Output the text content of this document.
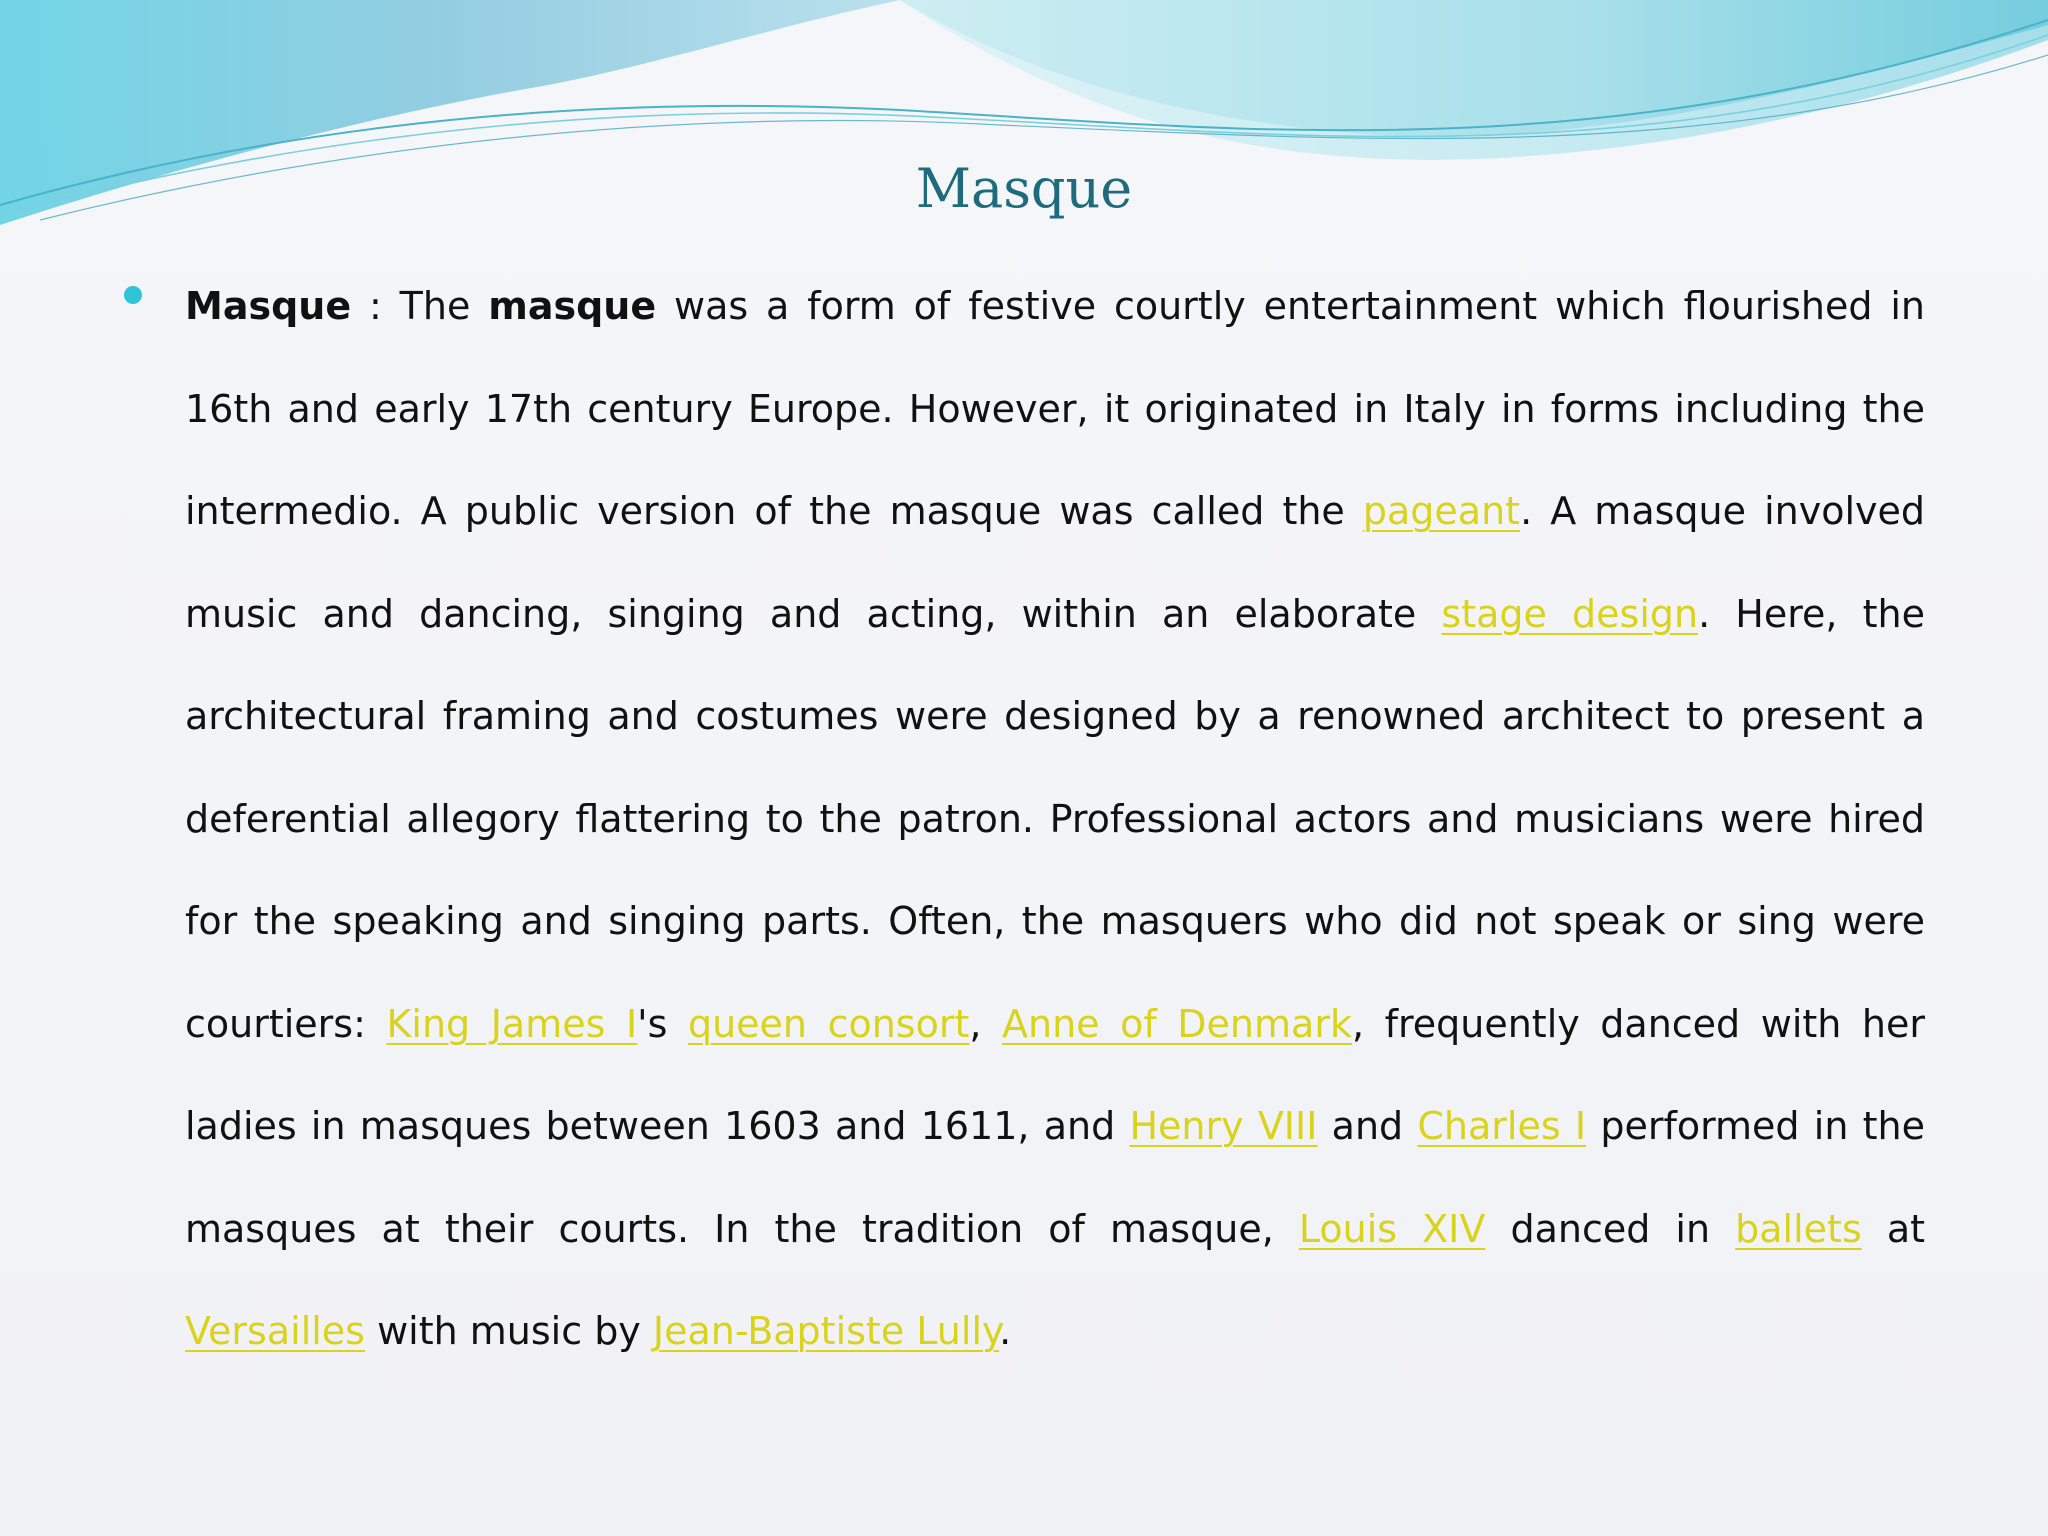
Masque

Masque : The masque was a form of festive courtly entertainment which flourished in 16th and early 17th century Europe. However, it originated in Italy in forms including the intermedio. A public version of the masque was called the pageant. A masque involved music and dancing, singing and acting, within an elaborate stage design. Here, the architectural framing and costumes were designed by a renowned architect to present a deferential allegory flattering to the patron. Professional actors and musicians were hired for the speaking and singing parts. Often, the masquers who did not speak or sing were courtiers: King James I's queen consort, Anne of Denmark, frequently danced with her ladies in masques between 1603 and 1611, and Henry VIII and Charles I performed in the masques at their courts. In the tradition of masque, Louis XIV danced in ballets at Versailles with music by Jean-Baptiste Lully.
